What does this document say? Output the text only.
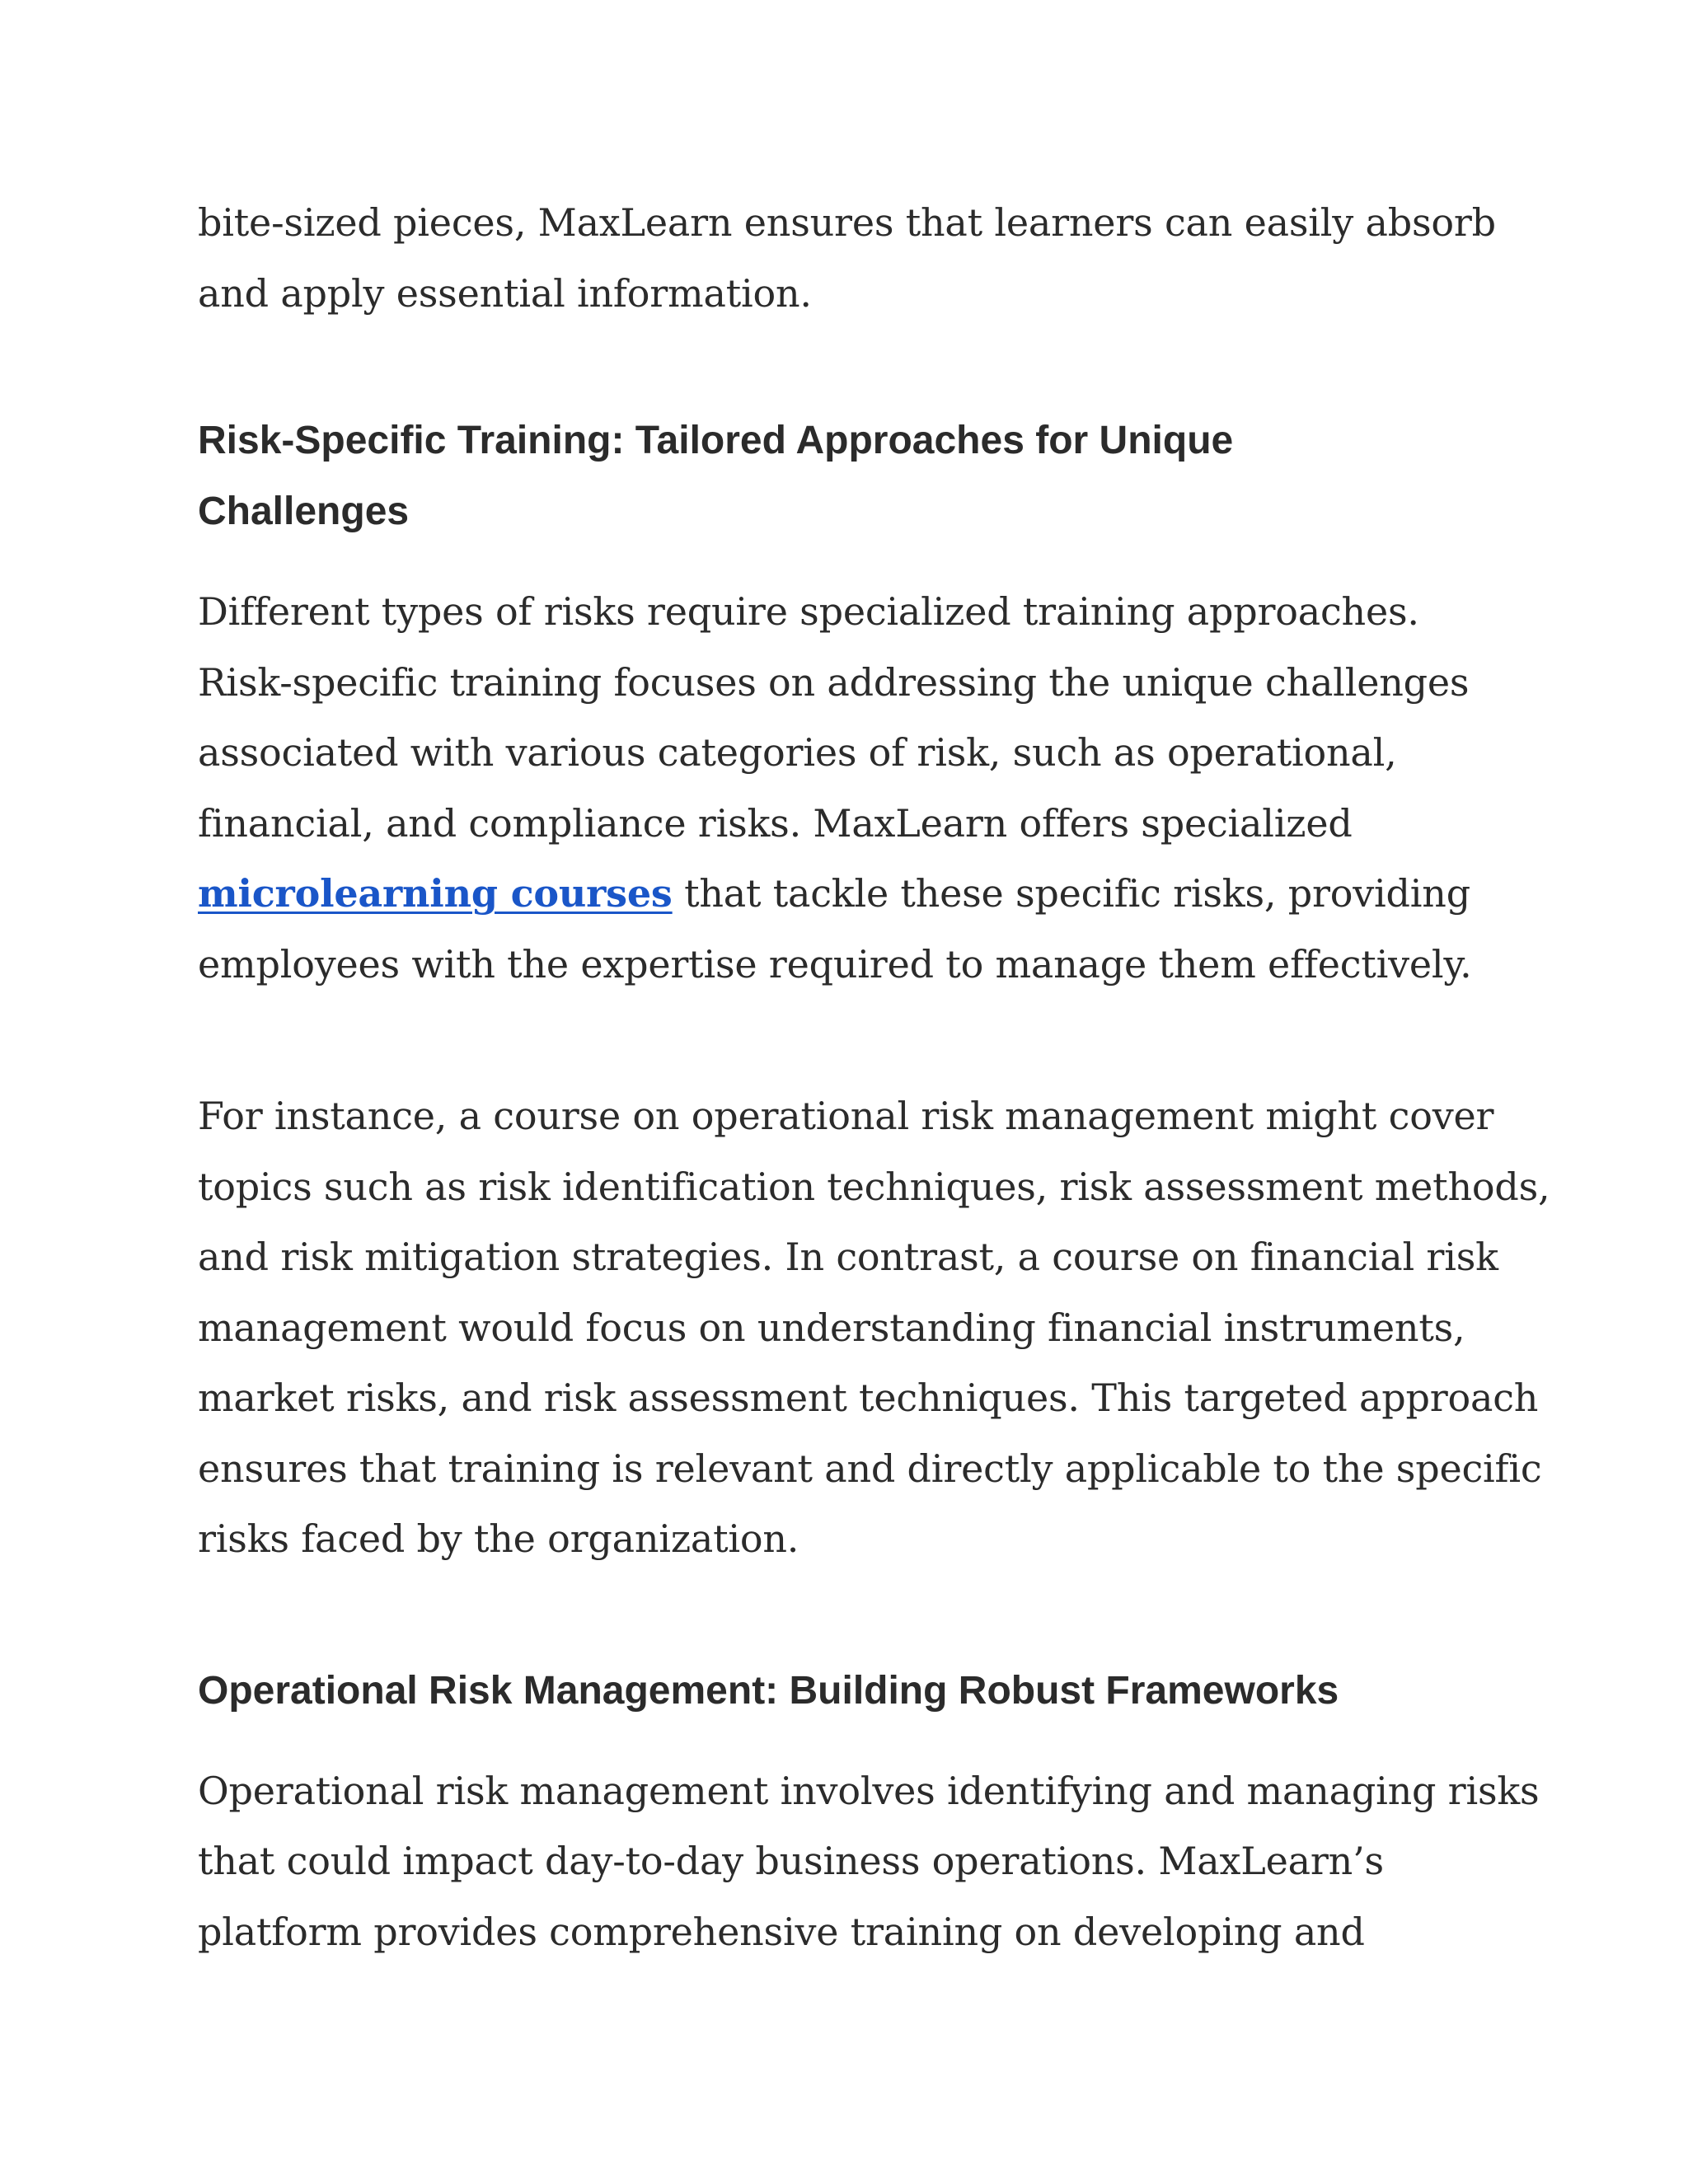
bite-sized pieces, MaxLearn ensures that learners can easily absorb
and apply essential information.

Risk-Specific Training: Tailored Approaches for Unique
Challenges

Different types of risks require specialized training approaches.
Risk-specific training focuses on addressing the unique challenges
associated with various categories of risk, such as operational,
financial, and compliance risks. MaxLearn offers specialized
microlearning courses that tackle these specific risks, providing
employees with the expertise required to manage them effectively.

For instance, a course on operational risk management might cover
topics such as risk identification techniques, risk assessment methods,
and risk mitigation strategies. In contrast, a course on financial risk
management would focus on understanding financial instruments,
market risks, and risk assessment techniques. This targeted approach
ensures that training is relevant and directly applicable to the specific
risks faced by the organization.

Operational Risk Management: Building Robust Frameworks

Operational risk management involves identifying and managing risks
that could impact day-to-day business operations. MaxLearn’s
platform provides comprehensive training on developing and
